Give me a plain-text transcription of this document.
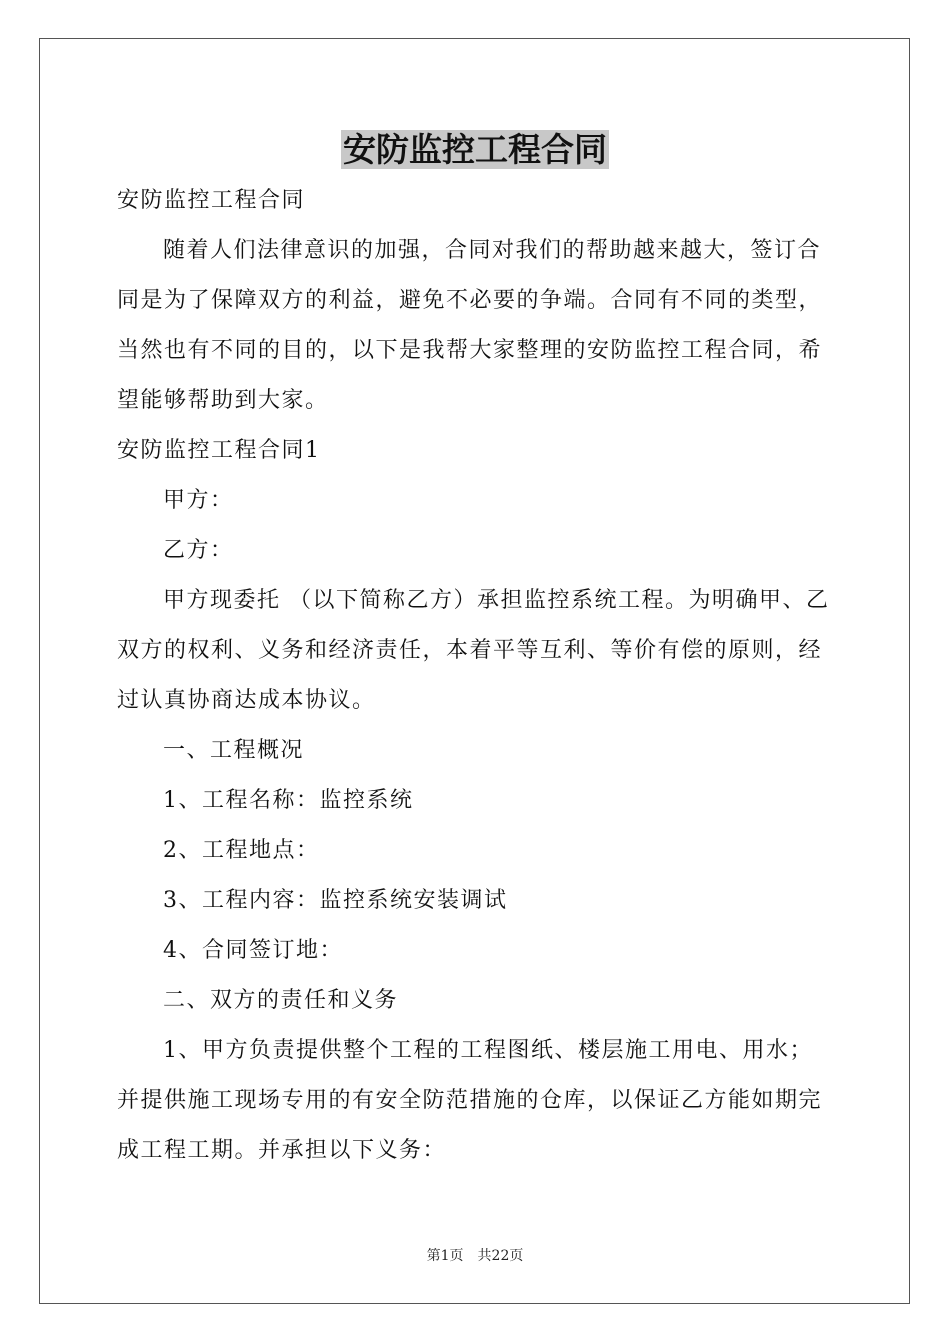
安防监控工程合同

安防监控工程合同

随着人们法律意识的加强，合同对我们的帮助越来越大，签订合同是为了保障双方的利益，避免不必要的争端。合同有不同的类型，当然也有不同的目的，以下是我帮大家整理的安防监控工程合同，希望能够帮助到大家。

安防监控工程合同1

甲方：

乙方：

甲方现委托 （以下简称乙方）承担监控系统工程。为明确甲、乙双方的权利、义务和经济责任，本着平等互利、等价有偿的原则，经过认真协商达成本协议。

一、工程概况

1、工程名称：监控系统

2、工程地点：

3、工程内容：监控系统安装调试

4、合同签订地：

二、双方的责任和义务

1、甲方负责提供整个工程的工程图纸、楼层施工用电、用水；并提供施工现场专用的有安全防范措施的仓库，以保证乙方能如期完成工程工期。并承担以下义务：

第1页 共22页
